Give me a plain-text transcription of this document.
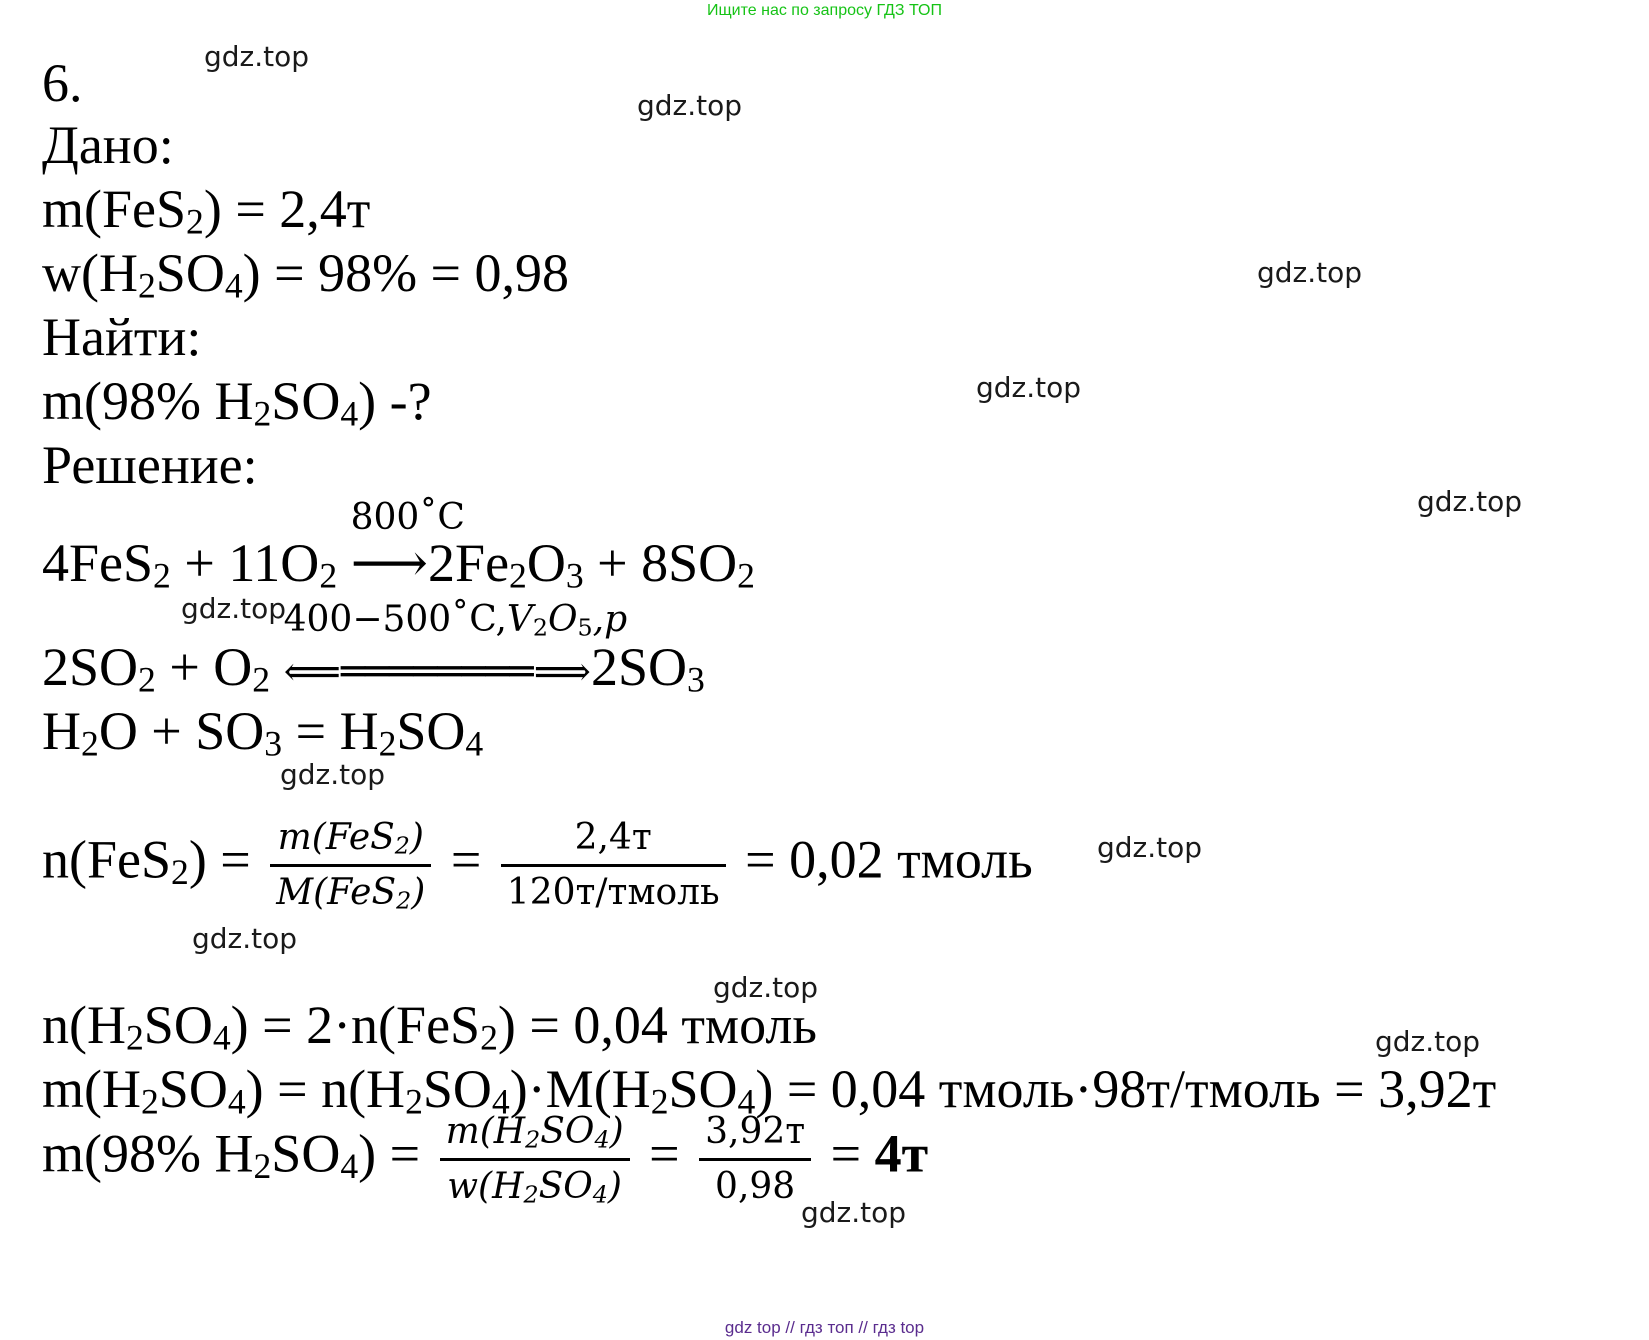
Ищите нас по запросу ГДЗ ТОП
gdz.top
gdz.top
gdz.top
gdz.top
gdz.top
gdz.top
gdz.top
gdz.top
gdz.top
gdz.top
gdz.top
gdz.top
6.
Дано:
m(FeS$_2$) = 2,4т
$w(H_2SO_4) = 98\% = 0,98$
Найти:
m(98% $H_2SO_4$) -?
Решение:
$4FeS_2 + 11O_2$
800˚C
$⟶2Fe_2O_3 + 8SO_2$
$2SO_2 + O_2$
$400-500˚C,V_2O_5,p$
$⟸════════⟹2SO_3$
$H_2O + SO_3 = H_2SO_4$
$n(FeS_2) = \frac{m(FeS_2)}{M(FeS_2)} = \frac{2,4т}{\text{120т/тмоль}} = 0,02$ тмоль
$n(H_2SO_4) = 2\cdot n(FeS_2) = 0,04$ тмоль
$m(H_2SO_4) = n(H_2SO_4)\cdot M(H_2SO_4) = 0,04$ тмоль·98т/тмоль = 3,92т
m(98% $H_2SO_4) = \frac{m(H_2SO_4)}{w(H_2SO_4)} = \frac{3,92т}{0,98} = 4т$
gdz top // гдз топ // гдз top
